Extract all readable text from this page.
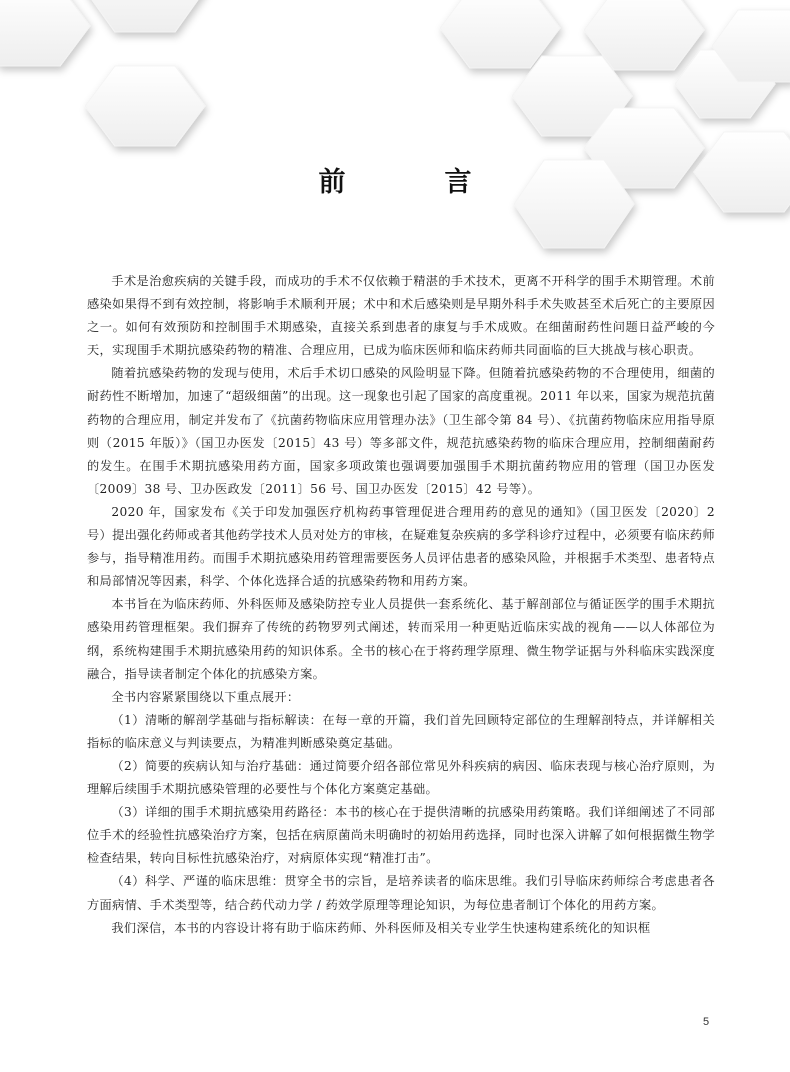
前　言

手术是治愈疾病的关键手段，而成功的手术不仅依赖于精湛的手术技术，更离不开科学的围手术期管理。术前感染如果得不到有效控制，将影响手术顺利开展；术中和术后感染则是早期外科手术失败甚至术后死亡的主要原因之一。如何有效预防和控制围手术期感染，直接关系到患者的康复与手术成败。在细菌耐药性问题日益严峻的今天，实现围手术期抗感染药物的精准、合理应用，已成为临床医师和临床药师共同面临的巨大挑战与核心职责。

随着抗感染药物的发现与使用，术后手术切口感染的风险明显下降。但随着抗感染药物的不合理使用，细菌的耐药性不断增加，加速了“超级细菌”的出现。这一现象也引起了国家的高度重视。2011 年以来，国家为规范抗菌药物的合理应用，制定并发布了《抗菌药物临床应用管理办法》（卫生部令第 84 号）、《抗菌药物临床应用指导原则（2015 年版）》（国卫办医发〔2015〕43 号）等多部文件，规范抗感染药物的临床合理应用，控制细菌耐药的发生。在围手术期抗感染用药方面，国家多项政策也强调要加强围手术期抗菌药物应用的管理（国卫办医发〔2009〕38 号、卫办医政发〔2011〕56 号、国卫办医发〔2015〕42 号等）。

2020 年，国家发布《关于印发加强医疗机构药事管理促进合理用药的意见的通知》（国卫医发〔2020〕2 号）提出强化药师或者其他药学技术人员对处方的审核，在疑难复杂疾病的多学科诊疗过程中，必须要有临床药师参与，指导精准用药。而围手术期抗感染用药管理需要医务人员评估患者的感染风险，并根据手术类型、患者特点和局部情况等因素，科学、个体化选择合适的抗感染药物和用药方案。

本书旨在为临床药师、外科医师及感染防控专业人员提供一套系统化、基于解剖部位与循证医学的围手术期抗感染用药管理框架。我们摒弃了传统的药物罗列式阐述，转而采用一种更贴近临床实战的视角——以人体部位为纲，系统构建围手术期抗感染用药的知识体系。全书的核心在于将药理学原理、微生物学证据与外科临床实践深度融合，指导读者制定个体化的抗感染方案。

全书内容紧紧围绕以下重点展开：

（1）清晰的解剖学基础与指标解读：在每一章的开篇，我们首先回顾特定部位的生理解剖特点，并详解相关指标的临床意义与判读要点，为精准判断感染奠定基础。

（2）简要的疾病认知与治疗基础：通过简要介绍各部位常见外科疾病的病因、临床表现与核心治疗原则，为理解后续围手术期抗感染管理的必要性与个体化方案奠定基础。

（3）详细的围手术期抗感染用药路径：本书的核心在于提供清晰的抗感染用药策略。我们详细阐述了不同部位手术的经验性抗感染治疗方案，包括在病原菌尚未明确时的初始用药选择，同时也深入讲解了如何根据微生物学检查结果，转向目标性抗感染治疗，对病原体实现“精准打击”。

（4）科学、严谨的临床思维：贯穿全书的宗旨，是培养读者的临床思维。我们引导临床药师综合考虑患者各方面病情、手术类型等，结合药代动力学 / 药效学原理等理论知识，为每位患者制订个体化的用药方案。

我们深信，本书的内容设计将有助于临床药师、外科医师及相关专业学生快速构建系统化的知识框

5
